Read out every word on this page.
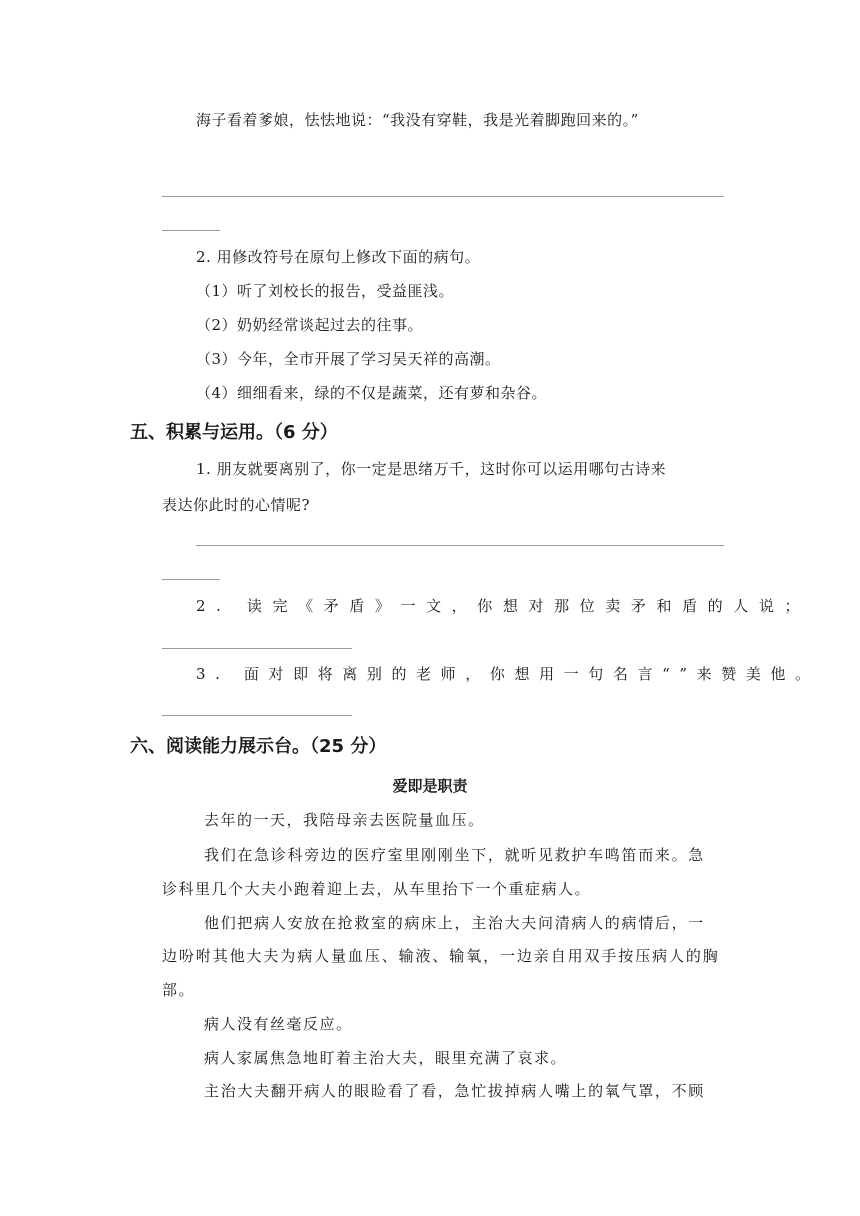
海子看着爹娘，怯怯地说：“我没有穿鞋，我是光着脚跑回来的。”
2. 用修改符号在原句上修改下面的病句。
（1）听了刘校长的报告，受益匪浅。
（2）奶奶经常谈起过去的往事。
（3）今年，全市开展了学习吴天祥的高潮。
（4）细细看来，绿的不仅是蔬菜，还有萝和杂谷。
五、积累与运用。（6 分）
1. 朋友就要离别了，你一定是思绪万千，这时你可以运用哪句古诗来
表达你此时的心情呢?
2. 读完《矛盾》一文，你想对那位卖矛和盾的人说；
3. 面对即将离别的老师，你想用一句名言“”来赞美他。
六、阅读能力展示台。（25 分）
爱即是职责
去年的一天，我陪母亲去医院量血压。
我们在急诊科旁边的医疗室里刚刚坐下，就听见救护车鸣笛而来。急
诊科里几个大夫小跑着迎上去，从车里抬下一个重症病人。
他们把病人安放在抢救室的病床上，主治大夫问清病人的病情后，一
边吩咐其他大夫为病人量血压、输液、输氧，一边亲自用双手按压病人的胸
部。
病人没有丝毫反应。
病人家属焦急地盯着主治大夫，眼里充满了哀求。
主治大夫翻开病人的眼睑看了看，急忙拔掉病人嘴上的氧气罩，不顾
